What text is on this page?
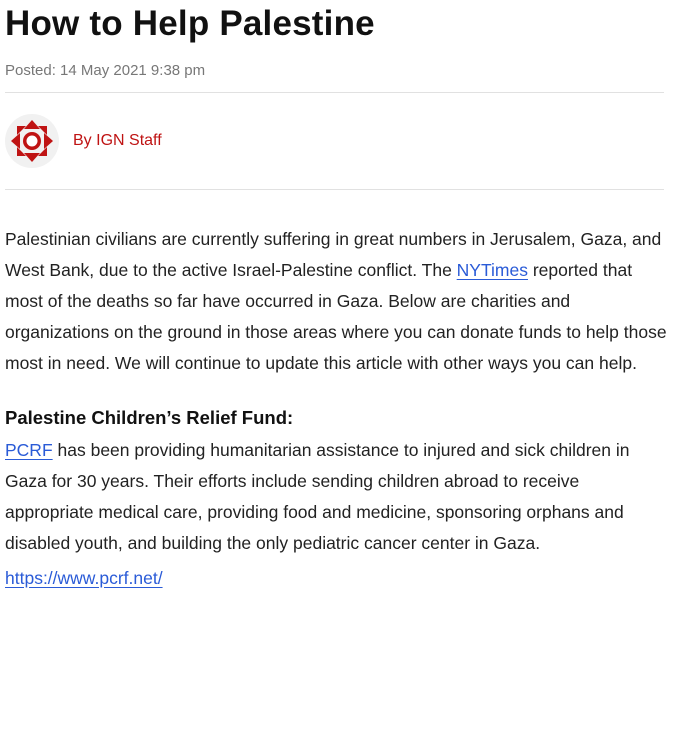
How to Help Palestine
Posted: 14 May 2021 9:38 pm
By IGN Staff

Palestinian civilians are currently suffering in great numbers in Jerusalem, Gaza, and West Bank, due to the active Israel-Palestine conflict. The NYTimes reported that most of the deaths so far have occurred in Gaza. Below are charities and organizations on the ground in those areas where you can donate funds to help those most in need. We will continue to update this article with other ways you can help.

Palestine Children’s Relief Fund:

PCRF has been providing humanitarian assistance to injured and sick children in Gaza for 30 years. Their efforts include sending children abroad to receive appropriate medical care, providing food and medicine, sponsoring orphans and disabled youth, and building the only pediatric cancer center in Gaza.

https://www.pcrf.net/
